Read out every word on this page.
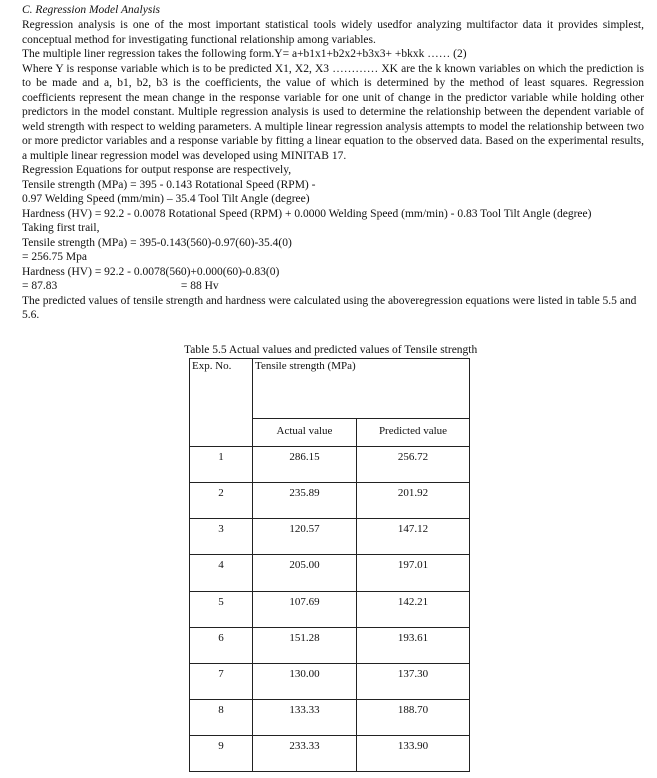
C. Regression Model Analysis

Regression analysis is one of the most important statistical tools widely usedfor analyzing multifactor data it provides simplest, conceptual method for investigating functional relationship among variables.

The multiple liner regression takes the following form.Y= a+b1x1+b2x2+b3x3+ +bkxk …… (2)

Where Y is response variable which is to be predicted X1, X2, X3 ………… XK are the k known variables on which the prediction is to be made and a, b1, b2, b3 is the coefficients, the value of which is determined by the method of least squares. Regression coefficients represent the mean change in the response variable for one unit of change in the predictor variable while holding other predictors in the model constant. Multiple regression analysis is used to determine the relationship between the dependent variable of weld strength with respect to welding parameters. A multiple linear regression analysis attempts to model the relationship between two or more predictor variables and a response variable by fitting a linear equation to the observed data. Based on the experimental results, a multiple linear regression model was developed using MINITAB 17.

Regression Equations for output response are respectively,

Tensile strength (MPa) = 395 - 0.143 Rotational Speed (RPM) -

0.97 Welding Speed (mm/min) – 35.4 Tool Tilt Angle (degree)

Hardness (HV) = 92.2 - 0.0078 Rotational Speed (RPM) + 0.0000 Welding Speed (mm/min) - 0.83 Tool Tilt Angle (degree)

Taking first trail,

Tensile strength (MPa) = 395-0.143(560)-0.97(60)-35.4(0)

= 256.75 Mpa

Hardness (HV) = 92.2 - 0.0078(560)+0.000(60)-0.83(0)

= 87.83                                           = 88 Hv

The predicted values of tensile strength and hardness were calculated using the aboveregression equations were listed in table 5.5 and 5.6.

Table 5.5 Actual values and predicted values of Tensile strength
Exp. No.	Tensile strength (MPa)	
	Actual value	Predicted value
1	286.15	256.72
2	235.89	201.92
3	120.57	147.12
4	205.00	197.01
5	107.69	142.21
6	151.28	193.61
7	130.00	137.30
8	133.33	188.70
9	233.33	133.90
